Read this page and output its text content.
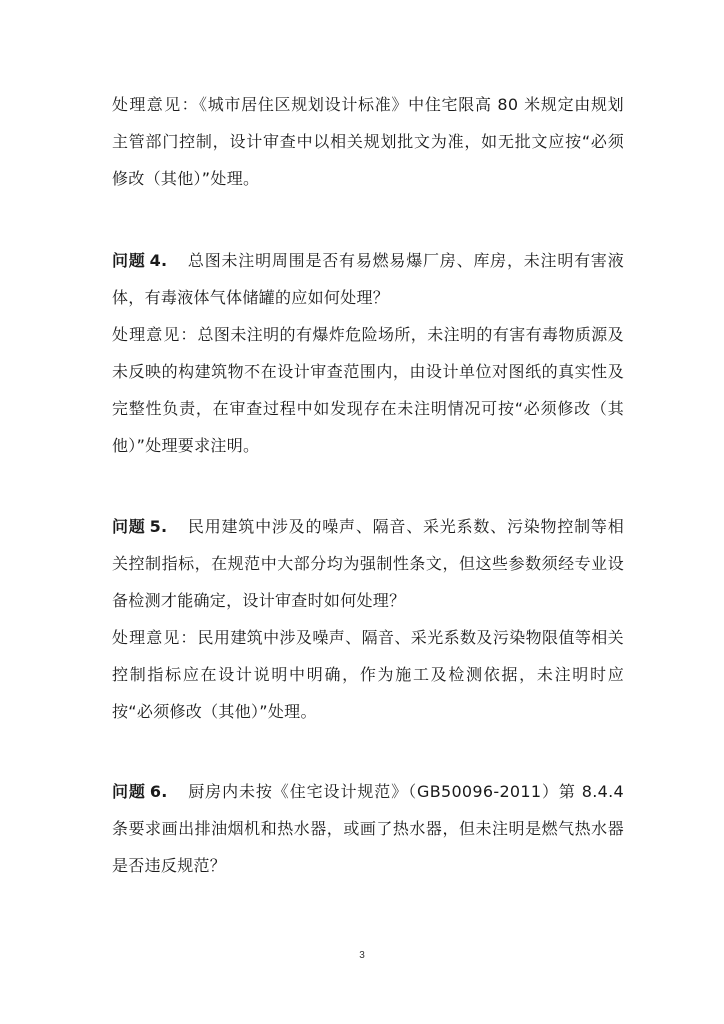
处理意见：《城市居住区规划设计标准》中住宅限高 80 米规定由规划主管部门控制，设计审查中以相关规划批文为准，如无批文应按“必须修改（其他）”处理。

问题 4. 总图未注明周围是否有易燃易爆厂房、库房，未注明有害液体，有毒液体气体储罐的应如何处理？

处理意见：总图未注明的有爆炸危险场所，未注明的有害有毒物质源及未反映的构建筑物不在设计审查范围内，由设计单位对图纸的真实性及完整性负责，在审查过程中如发现存在未注明情况可按“必须修改（其他）”处理要求注明。

问题 5. 民用建筑中涉及的噪声、隔音、采光系数、污染物控制等相关控制指标，在规范中大部分均为强制性条文，但这些参数须经专业设备检测才能确定，设计审查时如何处理？

处理意见：民用建筑中涉及噪声、隔音、采光系数及污染物限值等相关控制指标应在设计说明中明确，作为施工及检测依据，未注明时应按“必须修改（其他）”处理。

问题 6. 厨房内未按《住宅设计规范》（GB50096-2011）第 8.4.4 条要求画出排油烟机和热水器，或画了热水器，但未注明是燃气热水器是否违反规范？

3
